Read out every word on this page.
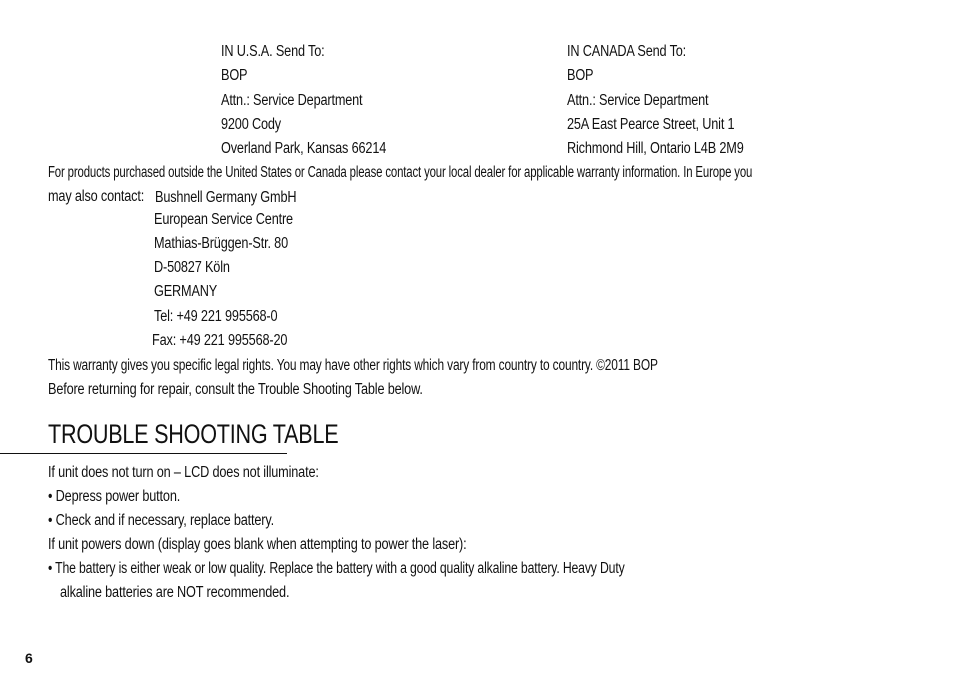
IN U.S.A. Send To:
BOP
Attn.: Service Department
9200 Cody
Overland Park, Kansas 66214
IN CANADA Send To:
BOP
Attn.: Service Department
25A East Pearce Street, Unit 1
Richmond Hill, Ontario L4B 2M9
For products purchased outside the United States or Canada please contact your local dealer for applicable warranty information. In Europe you
may also contact: Bushnell Germany GmbH
European Service Centre
Mathias-Brüggen-Str. 80
D-50827 Köln
GERMANY
Tel: +49 221 995568-0
Fax: +49 221 995568-20
This warranty gives you specific legal rights. You may have other rights which vary from country to country. ©2011 BOP
Before returning for repair, consult the Trouble Shooting Table below.
TROUBLE SHOOTING TABLE
If unit does not turn on – LCD does not illuminate:
• Depress power button.
• Check and if necessary, replace battery.
If unit powers down (display goes blank when attempting to power the laser):
• The battery is either weak or low quality. Replace the battery with a good quality alkaline battery. Heavy Duty
alkaline batteries are NOT recommended.
6
